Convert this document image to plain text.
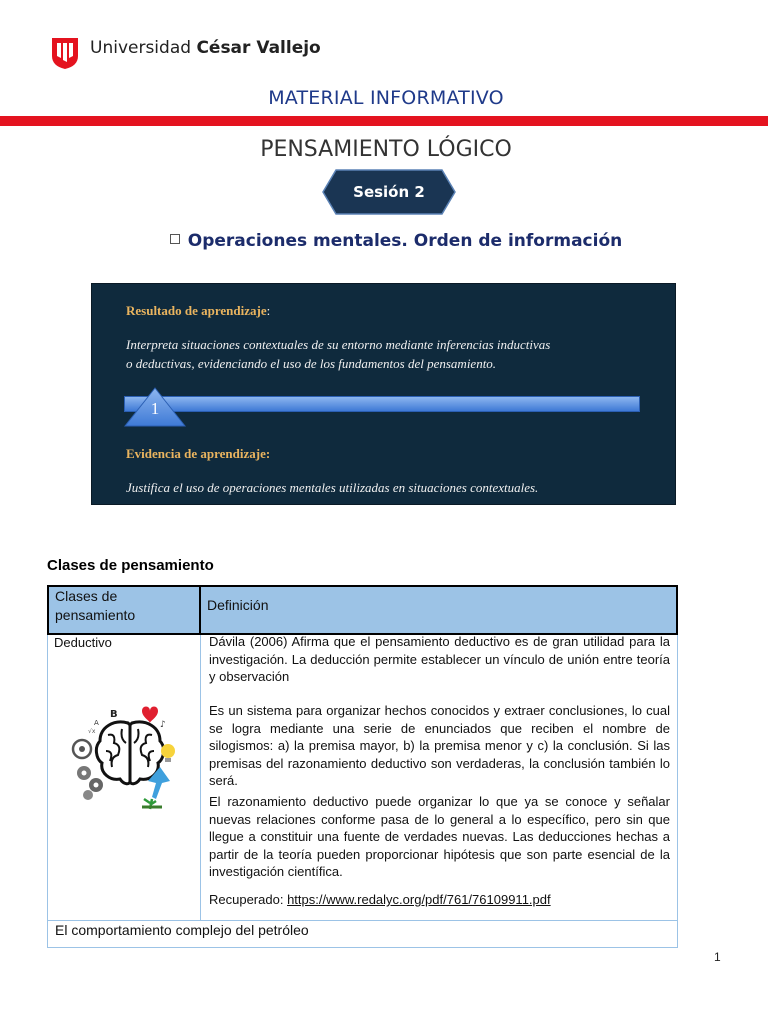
Universidad César Vallejo
MATERIAL INFORMATIVO
PENSAMIENTO LÓGICO
Sesión 2
Operaciones mentales. Orden de información
Resultado de aprendizaje:
Interpreta situaciones contextuales de su entorno mediante inferencias inductivas
o deductivas, evidenciando el uso de los fundamentos del pensamiento.
1
Evidencia de aprendizaje:
Justifica el uso de operaciones mentales utilizadas en situaciones contextuales.
Clases de pensamiento
Clases de
pensamiento
Definición
Deductivo
B
A
√x
♪
Dávila (2006) Afirma que el pensamiento deductivo es de gran utilidad para la investigación. La deducción permite establecer un vínculo de unión entre teoría y observación
Es un sistema para organizar hechos conocidos y extraer conclusiones, lo cual se logra mediante una serie de enunciados que reciben el nombre de silogismos: a) la premisa mayor, b) la premisa menor y c) la conclusión. Si las premisas del razonamiento deductivo son verdaderas, la conclusión también lo será.
El razonamiento deductivo puede organizar lo que ya se conoce y señalar nuevas relaciones conforme pasa de lo general a lo específico, pero sin que llegue a constituir una fuente de verdades nuevas. Las deducciones hechas a partir de la teoría pueden proporcionar hipótesis que son parte esencial de la investigación científica.
Recuperado: https://www.redalyc.org/pdf/761/76109911.pdf
El comportamiento complejo del petróleo
1
